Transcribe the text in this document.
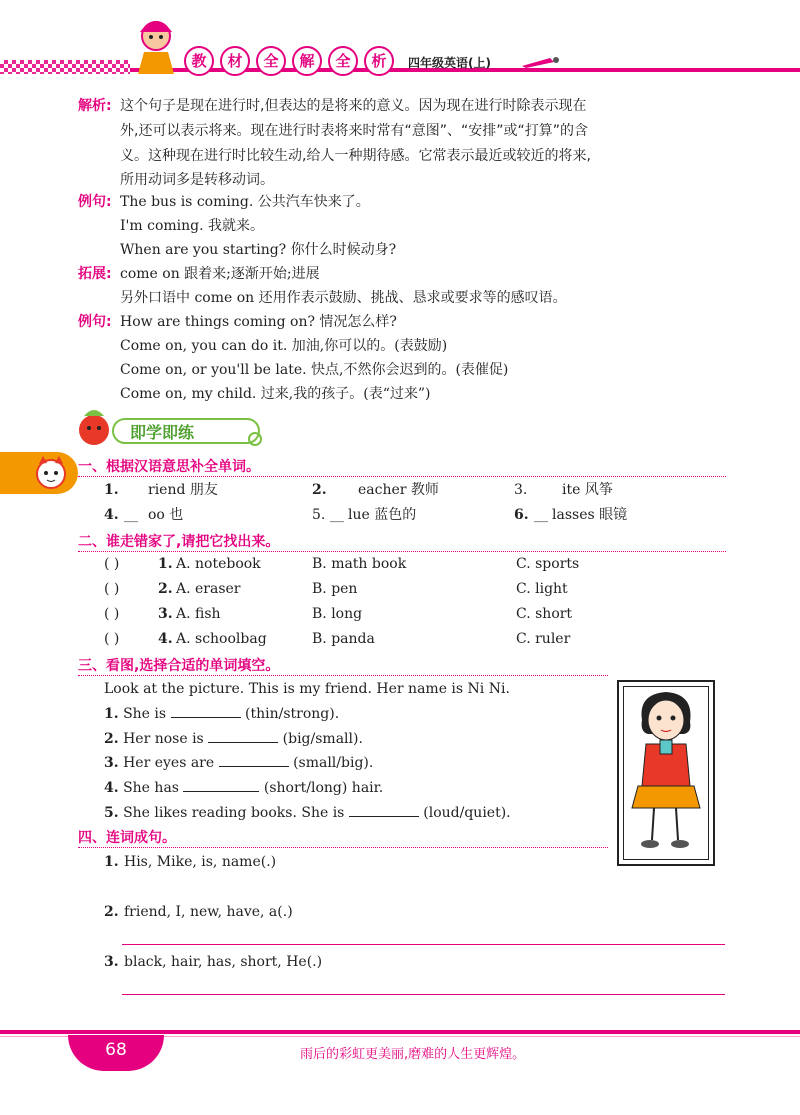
教	材	全	解	全	析	四年级英语(上)
解析: 这个句子是现在进行时,但表达的是将来的意义。因为现在进行时除表示现在
外,还可以表示将来。现在进行时表将来时常有“意图”、“安排”或“打算”的含
义。这种现在进行时比较生动,给人一种期待感。它常表示最近或较近的将来,
所用动词多是转移动词。
例句: The bus is coming. 公共汽车快来了。
I'm coming. 我就来。
When are you starting? 你什么时候动身?
拓展: come on 跟着来;逐渐开始;进展
另外口语中 come on 还用作表示鼓励、挑战、恳求或要求等的感叹语。
例句: How are things coming on? 情况怎么样?
Come on, you can do it. 加油,你可以的。(表鼓励)
Come on, or you'll be late. 快点,不然你会迟到的。(表催促)
Come on, my child. 过来,我的孩子。(表“过来”)
即学即练
一、根据汉语意思补全单词。
1. riend 朋友	2. eacher 教师	3. ite 风筝
4. __ oo 也	5. __ lue 蓝色的	6. __ lasses 眼镜
二、谁走错家了,请把它找出来。
( )	1. A. notebook	B. math book	C. sports
( )	2. A. eraser	B. pen	C. light
( )	3. A. fish	B. long	C. short
( )	4. A. schoolbag	B. panda	C. ruler
三、看图,选择合适的单词填空。
Look at the picture. This is my friend. Her name is Ni Ni.
1. She is	(thin/strong).
2. Her nose is	(big/small).
3. Her eyes are	(small/big).
4. She has	(short/long) hair.
5. She likes reading books. She is	(loud/quiet).
四、连词成句。
1. His, Mike, is, name(.)
2. friend, I, new, have, a(.)
3. black, hair, has, short, He(.)
68	雨后的彩虹更美丽,磨难的人生更辉煌。
